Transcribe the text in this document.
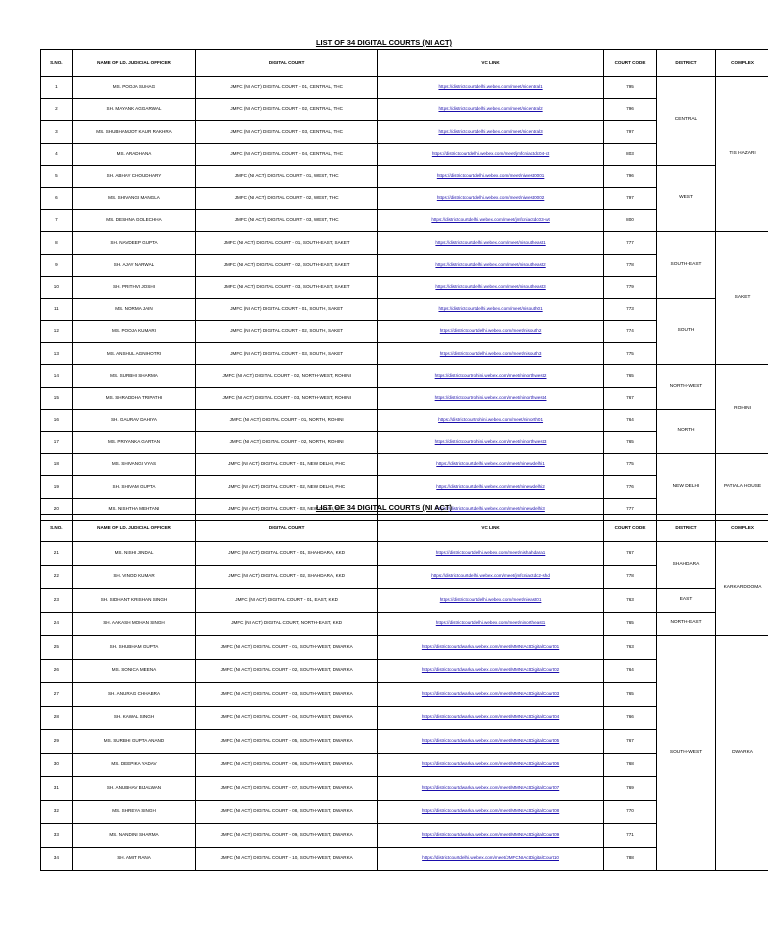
LIST OF 34 DIGITAL COURTS (NI ACT)
S.NO.	NAME OF LD. JUDICIAL OFFICER	DIGITAL COURT	VC LINK	COURT CODE	DISTRICT	COMPLEX
1	MS. POOJA SUHAG	JMFC (NI ACT) DIGITAL COURT - 01, CENTRAL, THC	https://districtcourtdelhi.webex.com/meet/nicentral1	795	CENTRAL	TIS HAZARI
2	SH. MAYANK AGGARWAL	JMFC (NI ACT) DIGITAL COURT - 02, CENTRAL, THC	https://districtcourtdelhi.webex.com/meet/nicentral2	796		
3	MS. SHUBHAMJOT KAUR RAKHRA	JMFC (NI ACT) DIGITAL COURT - 03, CENTRAL, THC	https://districtcourtdelhi.webex.com/meet/nicentral3	797		
4	MS. ARADHANA	JMFC (NI ACT) DIGITAL COURT - 04, CENTRAL, THC	https://districtcourtdelhi.webex.com/meet/jmfcniactdc04-ct	803		
5	SH. ABHAY CHOUDHARY	JMFC (NI ACT) DIGITAL COURT - 01, WEST, THC	https://districtcourtdelhi.webex.com/meet/niwest0001	796	WEST	
6	MS. SHIVANGI MANGLA	JMFC (NI ACT) DIGITAL COURT - 02, WEST, THC	https://districtcourtdelhi.webex.com/meet/niwest0002	797		
7	MS. DESHNA GOLECHHA	JMFC (NI ACT) DIGITAL COURT - 03, WEST, THC	https://districtcourtdelhi.webex.com/meet/jmfcniactdc03-wt	800		
8	SH. NAVDEEP GUPTA	JMFC (NI ACT) DIGITAL COURT - 01, SOUTH-EAST, SAKET	https://districtcourtdelhi.webex.com/meet/nisoutheast1	777	SOUTH-EAST	SAKET
9	SH. AJAY NARWAL	JMFC (NI ACT) DIGITAL COURT - 02, SOUTH-EAST, SAKET	https://districtcourtdelhi.webex.com/meet/nisoutheast2	778		
10	SH. PRITHVI JOSHI	JMFC (NI ACT) DIGITAL COURT - 03, SOUTH-EAST, SAKET	https://districtcourtdelhi.webex.com/meet/nisoutheast3	779		
11	MS. NORMA JAIN	JMFC (NI ACT) DIGITAL COURT - 01, SOUTH, SAKET	https://districtcourtdelhi.webex.com/meet/nisouth01	773	SOUTH	
12	MS. POOJA KUMARI	JMFC (NI ACT) DIGITAL COURT - 02, SOUTH, SAKET	https://districtcourtdelhi.webex.com/meet/nisouth2	774		
13	MS. ANSHUL AGNIHOTRI	JMFC (NI ACT) DIGITAL COURT - 03, SOUTH, SAKET	https://districtcourtdelhi.webex.com/meet/nisouth3	775		
14	MS. SURBHI SHARMA	JMFC (NI ACT) DIGITAL COURT - 02, NORTH-WEST, ROHINI	https://districtcourtrohini.webex.com/meet/ninorthwest2	765	NORTH-WEST	ROHINI
15	MS. SHRADDHA TRIPATHI	JMFC (NI ACT) DIGITAL COURT - 03, NORTH-WEST, ROHINI	https://districtcourtrohini.webex.com/meet/ninorthwest4	767		
16	SH. GAURAV DAHIYA	JMFC (NI ACT) DIGITAL COURT - 01, NORTH, ROHINI	https://districtcourtrohini.webex.com/meet/ninorth01	764	NORTH	
17	MS. PRIYANKA GARTAN	JMFC (NI ACT) DIGITAL COURT - 02, NORTH, ROHINI	https://districtcourtrohini.webex.com/meet/ninorthwest3	765		
18	MS. SHIVANGI VYAS	JMFC (NI ACT) DIGITAL COURT - 01, NEW DELHI, PHC	https://districtcourtdelhi.webex.com/meet/ninewdelhi1	775	NEW DELHI	PATIALA HOUSE
19	SH. SHIVAM GUPTA	JMFC (NI ACT) DIGITAL COURT - 02, NEW DELHI, PHC	https://districtcourtdelhi.webex.com/meet/ninewdelhi2	776		
20	MS. NISHTHA MEHTANI	JMFC (NI ACT) DIGITAL COURT - 03, NEW DELHI, PHC	https://districtcourtdelhi.webex.com/meet/ninewdelhi3	777		
LIST OF 34 DIGITAL COURTS (NI ACT)
S.NO.	NAME OF LD. JUDICIAL OFFICER	DIGITAL COURT	VC LINK	COURT CODE	DISTRICT	COMPLEX
21	MS. NISHI JINDAL	JMFC (NI ACT) DIGITAL COURT - 01, SHAHDARA, KKD	https://districtcourtdelhi.webex.com/meet/nishahdara1	767	SHAHDARA	KARKARDOOMA
22	SH. VINOD KUMAR	JMFC (NI ACT) DIGITAL COURT - 02, SHAHDARA, KKD	https://districtcourtdelhi.webex.com/meet/jmfcniactdc2-shd	778		
23	SH. SIDHANT KRISHAN SINGH	JMFC (NI ACT) DIGITAL COURT - 01, EAST, KKD	https://districtcourtdelhi.webex.com/meet/nieast01	763	EAST	
24	SH. AAKASH MOHAN SINGH	JMFC (NI ACT) DIGITAL COURT, NORTH-EAST, KKD	https://districtcourtdelhi.webex.com/meet/ninortheast1	765	NORTH-EAST	
25	SH. SHUBHAM GUPTA	JMFC (NI ACT) DIGITAL COURT - 01, SOUTH-WEST, DWARKA	https://districtcourtdwarka.webex.com/meet/MMNIActDigitalCourt01	763	SOUTH-WEST	DWARKA
26	MS. SONICA MEENA	JMFC (NI ACT) DIGITAL COURT - 02, SOUTH-WEST, DWARKA	https://districtcourtdwarka.webex.com/meet/MMNIActDigitalCourt02	764		
27	SH. ANURAG CHHABRA	JMFC (NI ACT) DIGITAL COURT - 03, SOUTH-WEST, DWARKA	https://districtcourtdwarka.webex.com/meet/MMNIActDigitalCourt03	765		
28	SH. KAWAL SINGH	JMFC (NI ACT) DIGITAL COURT - 04, SOUTH-WEST, DWARKA	https://districtcourtdwarka.webex.com/meet/MMNIActDigitalCourt04	766		
29	MS. SURBHI GUPTA ANAND	JMFC (NI ACT) DIGITAL COURT - 05, SOUTH-WEST, DWARKA	https://districtcourtdwarka.webex.com/meet/MMNIActDigitalCourt05	767		
30	MS. DEEPIKA YADAV	JMFC (NI ACT) DIGITAL COURT - 06, SOUTH-WEST, DWARKA	https://districtcourtdwarka.webex.com/meet/MMNIActDigitalCourt06	768		
31	SH. ANUBHAV BIJALWAN	JMFC (NI ACT) DIGITAL COURT - 07, SOUTH-WEST, DWARKA	https://districtcourtdwarka.webex.com/meet/MMNIActDigitalCourt07	769		
32	MS. SHREYA SINGH	JMFC (NI ACT) DIGITAL COURT - 08, SOUTH-WEST, DWARKA	https://districtcourtdwarka.webex.com/meet/MMNIActDigitalCourt08	770		
33	MS. NANDINI SHARMA	JMFC (NI ACT) DIGITAL COURT - 09, SOUTH-WEST, DWARKA	https://districtcourtdwarka.webex.com/meet/MMNIActDigitalCourt09	771		
34	SH. AMIT RANA	JMFC (NI ACT) DIGITAL COURT - 10, SOUTH-WEST, DWARKA	https://districtcourtdelhi.webex.com/meet/JMFCNIActDigitalCourt10	788		
